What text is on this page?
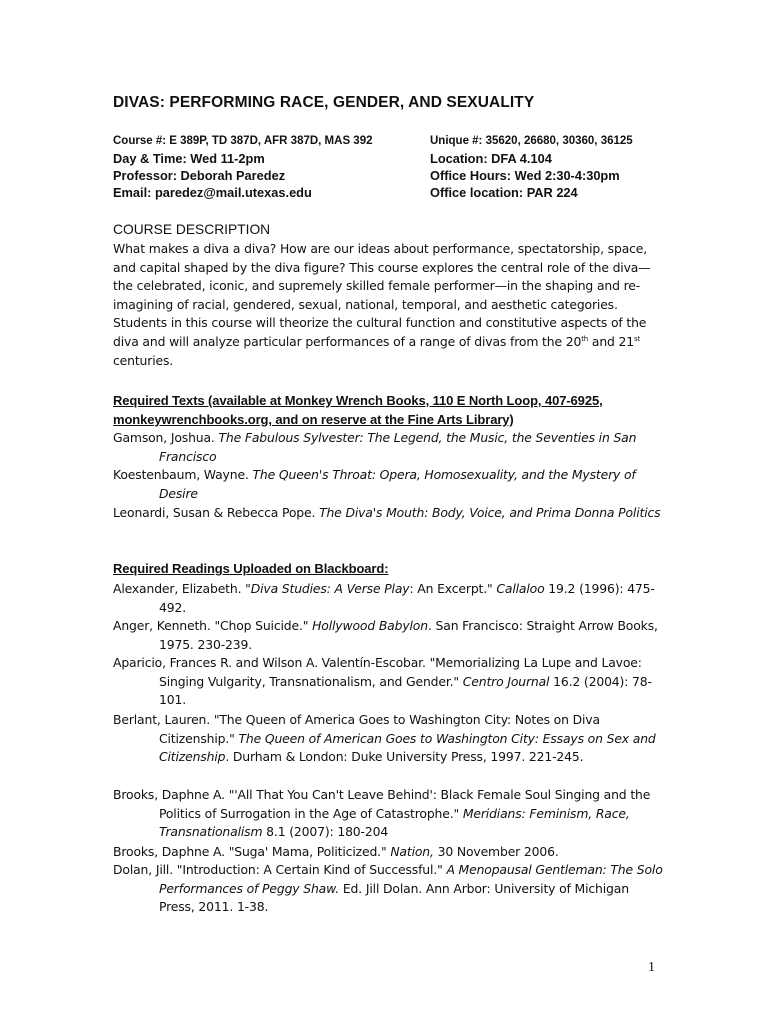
DIVAS: PERFORMING RACE, GENDER, AND SEXUALITY
Course #: E 389P, TD 387D, AFR 387D, MAS 392	Unique #: 35620, 26680, 30360, 36125
Day & Time: Wed 11-2pm	Location: DFA 4.104
Professor: Deborah Paredez	Office Hours: Wed 2:30-4:30pm
Email: paredez@mail.utexas.edu	Office location: PAR 224
COURSE DESCRIPTION
What makes a diva a diva? How are our ideas about performance, spectatorship, space, and capital shaped by the diva figure? This course explores the central role of the diva—the celebrated, iconic, and supremely skilled female performer—in the shaping and re-imagining of racial, gendered, sexual, national, temporal, and aesthetic categories. Students in this course will theorize the cultural function and constitutive aspects of the diva and will analyze particular performances of a range of divas from the 20th and 21st centuries.
Required Texts (available at Monkey Wrench Books, 110 E North Loop, 407-6925, monkeywrenchbooks.org, and on reserve at the Fine Arts Library)
Gamson, Joshua. The Fabulous Sylvester: The Legend, the Music, the Seventies in San Francisco
Koestenbaum, Wayne. The Queen's Throat: Opera, Homosexuality, and the Mystery of Desire
Leonardi, Susan & Rebecca Pope. The Diva's Mouth: Body, Voice, and Prima Donna Politics
Required Readings Uploaded on Blackboard:
Alexander, Elizabeth. "Diva Studies: A Verse Play: An Excerpt." Callaloo 19.2 (1996): 475-492.
Anger, Kenneth. "Chop Suicide." Hollywood Babylon. San Francisco: Straight Arrow Books, 1975. 230-239.
Aparicio, Frances R. and Wilson A. Valentín-Escobar. "Memorializing La Lupe and Lavoe: Singing Vulgarity, Transnationalism, and Gender." Centro Journal 16.2 (2004): 78-101.
Berlant, Lauren. "The Queen of America Goes to Washington City: Notes on Diva Citizenship." The Queen of American Goes to Washington City: Essays on Sex and Citizenship. Durham & London: Duke University Press, 1997. 221-245.
Brooks, Daphne A. "'All That You Can't Leave Behind': Black Female Soul Singing and the Politics of Surrogation in the Age of Catastrophe." Meridians: Feminism, Race, Transnationalism 8.1 (2007): 180-204
Brooks, Daphne A. "Suga' Mama, Politicized." Nation, 30 November 2006.
Dolan, Jill. "Introduction: A Certain Kind of Successful." A Menopausal Gentleman: The Solo Performances of Peggy Shaw. Ed. Jill Dolan. Ann Arbor: University of Michigan Press, 2011. 1-38.
1
